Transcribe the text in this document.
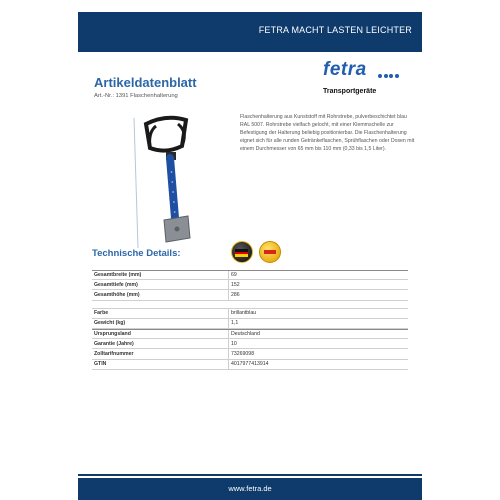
FETRA MACHT LASTEN LEICHTER
Artikeldatenblatt
Art.-Nr.: 1391 Flaschenhalterung
fetra
Transportgeräte
Flaschenhalterung aus Kunststoff mit Rohrstrebe, pulverbeschichtet blau RAL 5007. Rohrstrebe vielfach gelocht, mit einer Klemmschelle zur Befestigung der Halterung beliebig positionierbar. Die Flaschenhalterung eignet sich für alle runden Getränkeflaschen, Sprühflaschen oder Dosen mit einem Durchmesser von 65 mm bis 110 mm (0,33 bis 1,5 Liter).
Technische Details:
Gesamtbreite (mm)	69
Gesamttiefe (mm)	152
Gesamthöhe (mm)	286
Farbe	brillantblau
Gewicht (kg)	1,1
Ursprungsland	Deutschland
Garantie (Jahre)	10
Zolltarifnummer	73269098
GTIN	4017977413914
www.fetra.de
